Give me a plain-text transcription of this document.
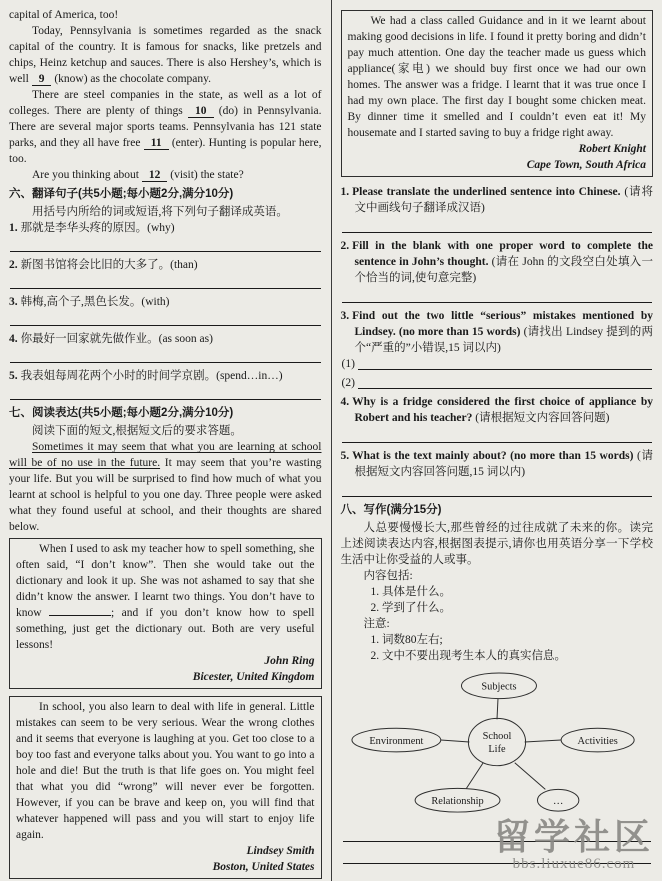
capital of America, too!

Today, Pennsylvania is sometimes regarded as the snack capital of the country. It is famous for snacks, like pretzels and chips, Heinz ketchup and sauces. There is also Hershey’s, which is well 9 (know) as the chocolate company.

There are steel companies in the state, as well as a lot of colleges. There are plenty of things 10 (do) in Pennsylvania. There are several major sports teams. Pennsylvania has 121 state parks, and they all have free 11 (enter). Hunting is popular here, too.

Are you thinking about 12 (visit) the state?

六、翻译句子(共5小题;每小题2分,满分10分)

用括号内所给的词或短语,将下列句子翻译成英语。

1. 那就是李华头疼的原因。(why)

2. 新图书馆将会比旧的大多了。(than)

3. 韩梅,高个子,黑色长发。(with)

4. 你最好一回家就先做作业。(as soon as)

5. 我表姐每周花两个小时的时间学京剧。(spend…in…)

七、阅读表达(共5小题;每小题2分,满分10分)

阅读下面的短文,根据短文后的要求答题。

Sometimes it may seem that what you are learning at school will be of no use in the future. It may seem that you’re wasting your life. But you will be surprised to find how much of what you learnt at school is helpful to you one day. Three people were asked what they found useful at school, and their thoughts are shared below.

When I used to ask my teacher how to spell something, she often said, “I don’t know”. Then she would take out the dictionary and look it up. She was not ashamed to say that she didn’t know the answer. I learnt two things. You don’t have to know	; and if you don’t know how to spell something, just get the dictionary out. Both are very useful lessons!

John Ring

Bicester, United Kingdom

In school, you also learn to deal with life in general. Little mistakes can seem to be very serious. Wear the wrong clothes and it seems that everyone is laughing at you. Get too close to a boy too fast and everyone talks about you. You want to go into a hole and die! But the truth is that life goes on. You might feel that what you did “wrong” will never ever be forgotten. However, if you can be brave and keep on, you will find that whatever happened will pass and you will start to enjoy life again.

Lindsey Smith

Boston, United States

We had a class called Guidance and in it we learnt about making good decisions in life. I found it pretty boring and didn’t pay much attention. One day the teacher made us guess which appliance(家电) we should buy first once we had our own homes. The answer was a fridge. I learnt that it was true once I had my own place. The first day I bought some chicken meat. By dinner time it smelled and I couldn’t even eat it! My housemate and I started saving to buy a fridge right away.

Robert Knight

Cape Town, South Africa

1. Please translate the underlined sentence into Chinese. (请将文中画线句子翻译成汉语)

2. Fill in the blank with one proper word to complete the sentence in John’s thought. (请在 John 的文段空白处填入一个恰当的词,使句意完整)

3. Find out the two little “serious” mistakes mentioned by Lindsey. (no more than 15 words) (请找出 Lindsey 提到的两个“严重的”小错误,15 词以内)

(1)
(2)

4. Why is a fridge considered the first choice of appliance by Robert and his teacher? (请根据短文内容回答问题)

5. What is the text mainly about? (no more than 15 words) (请根据短文内容回答问题,15 词以内)

八、写作(满分15分)

人总要慢慢长大,那些曾经的过往成就了未来的你。读完上述阅读表达内容,根据图表提示,请你也用英语分享一下学校生活中让你受益的人或事。

内容包括:

1. 具体是什么。

2. 学到了什么。

注意:

1. 词数80左右;

2. 文中不要出现考生本人的真实信息。

Subjects
School
Life
Environment	Activities
Relationship	…
留学社区
bbs.liuxue86.com
